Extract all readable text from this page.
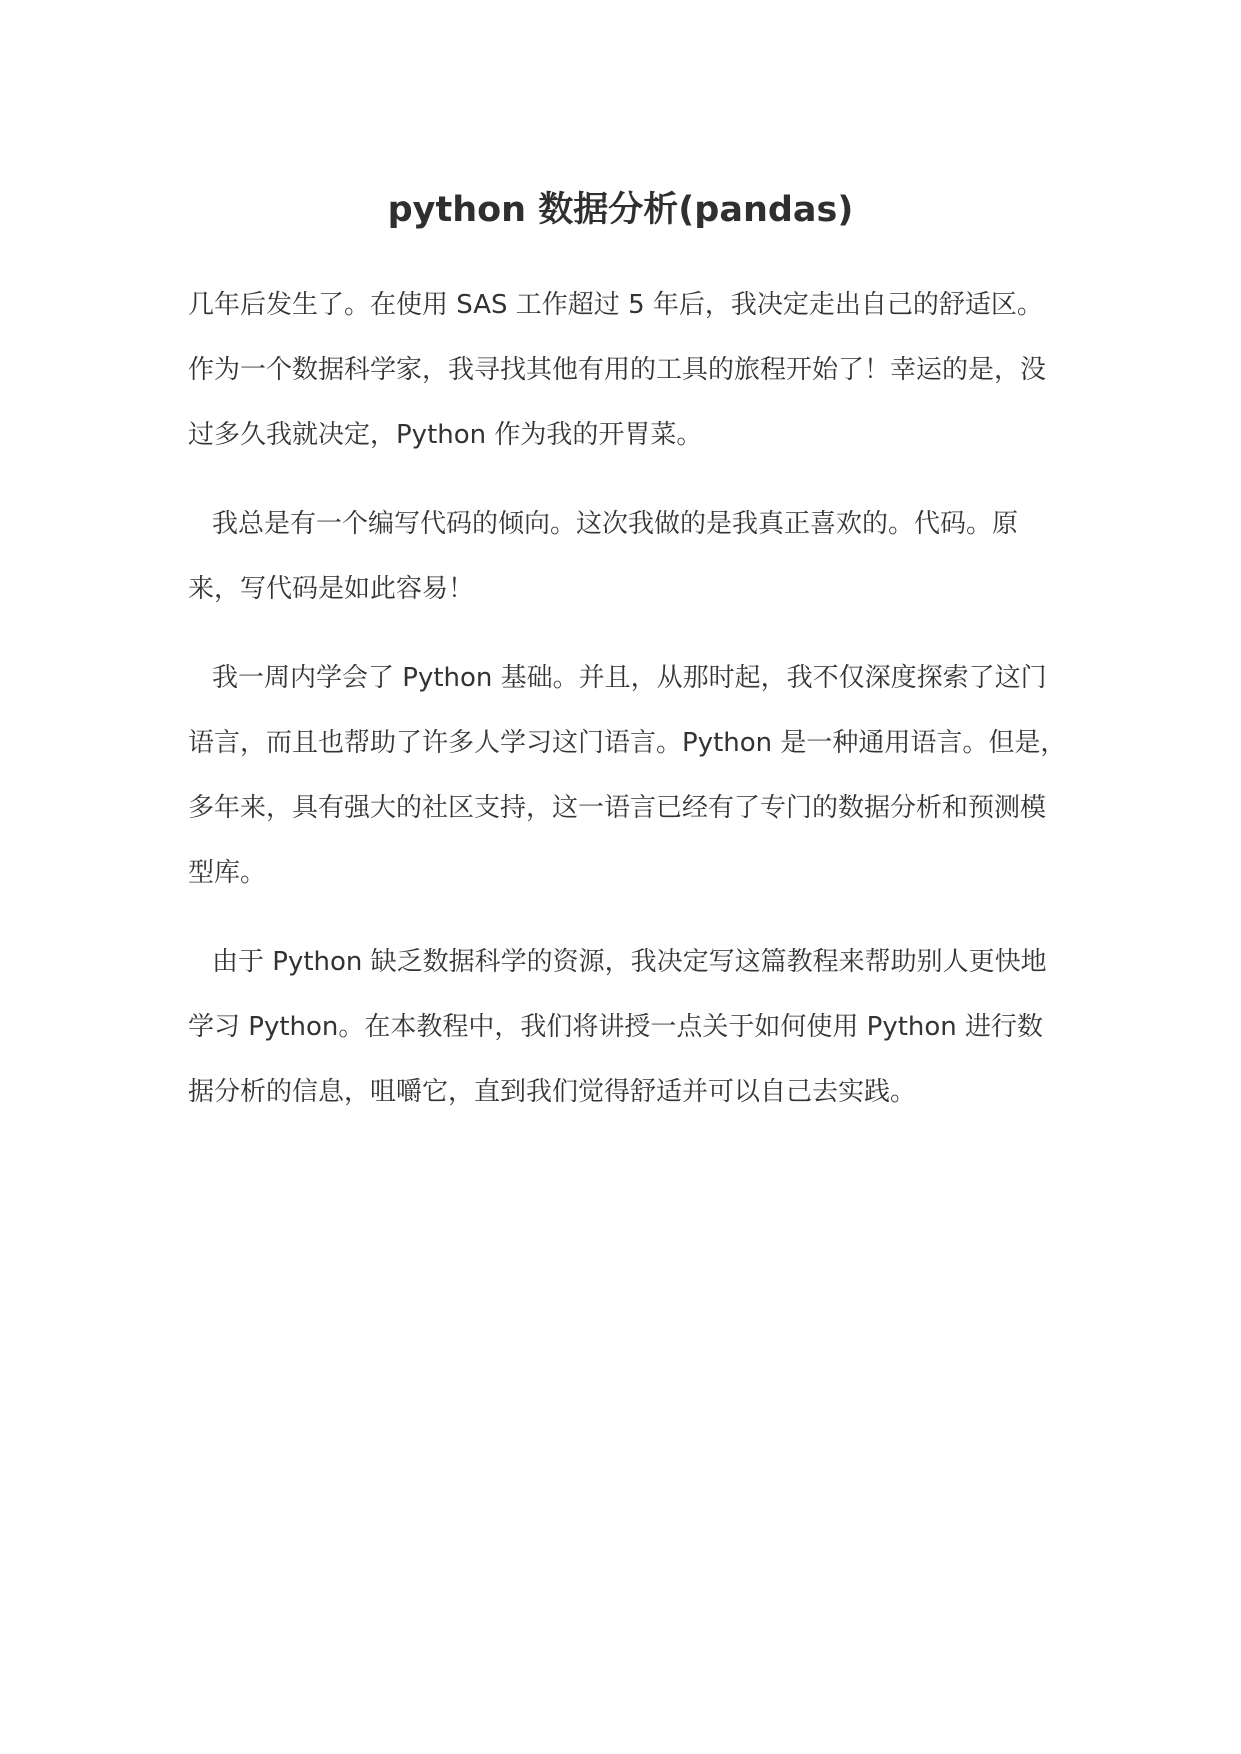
python 数据分析(pandas)

几年后发生了。在使用 SAS 工作超过 5 年后，我决定走出自己的舒适区。作为一个数据科学家，我寻找其他有用的工具的旅程开始了！幸运的是，没过多久我就决定，Python 作为我的开胃菜。

我总是有一个编写代码的倾向。这次我做的是我真正喜欢的。代码。原来，写代码是如此容易！

我一周内学会了 Python 基础。并且，从那时起，我不仅深度探索了这门语言，而且也帮助了许多人学习这门语言。Python 是一种通用语言。但是，多年来，具有强大的社区支持，这一语言已经有了专门的数据分析和预测模型库。

由于 Python 缺乏数据科学的资源，我决定写这篇教程来帮助别人更快地学习 Python。在本教程中，我们将讲授一点关于如何使用 Python 进行数据分析的信息，咀嚼它，直到我们觉得舒适并可以自己去实践。
